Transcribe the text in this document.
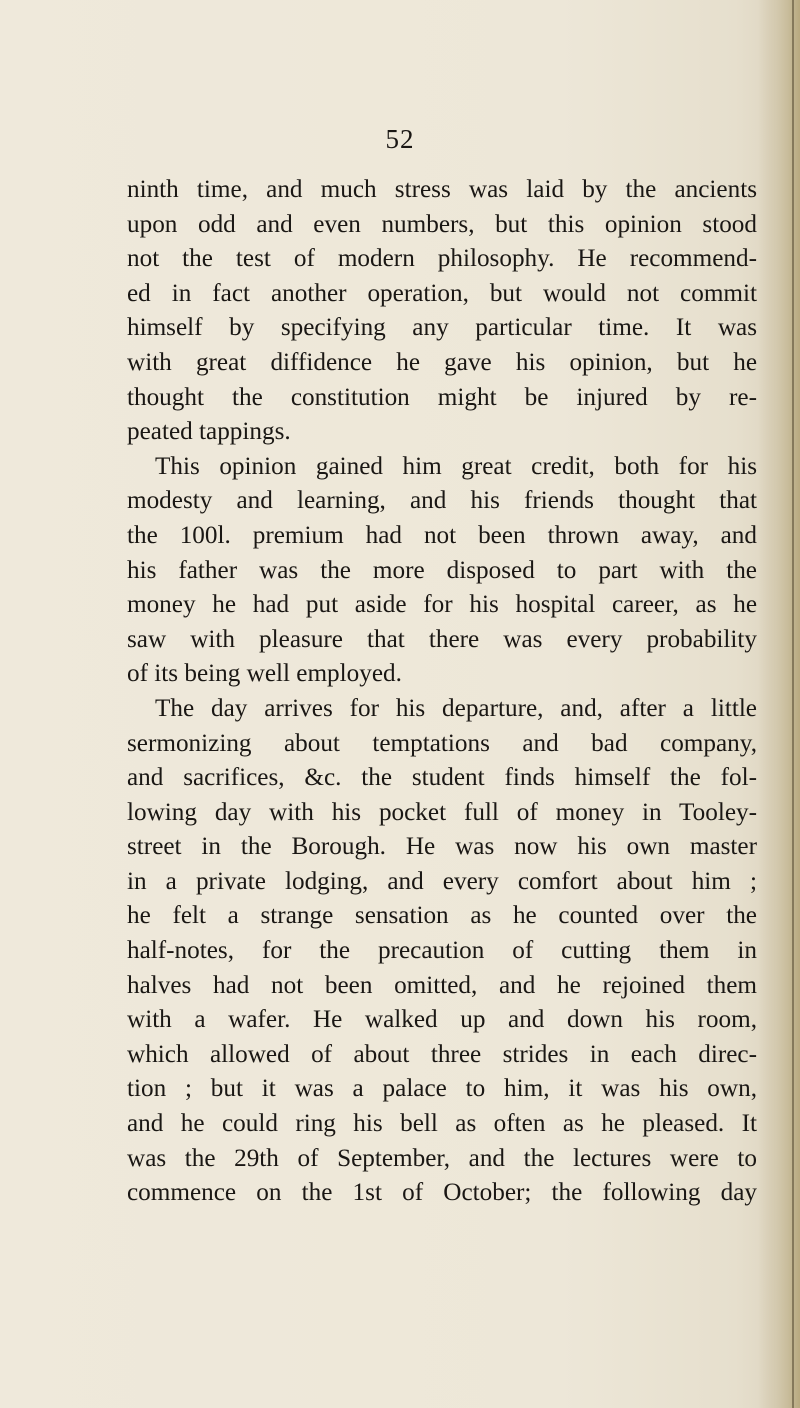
52
ninth time, and much stress was laid by the ancients
upon odd and even numbers, but this opinion stood
not the test of modern philosophy. He recommend-
ed in fact another operation, but would not commit
himself by specifying any particular time. It was
with great diffidence he gave his opinion, but he
thought the constitution might be injured by re-
peated tappings.
This opinion gained him great credit, both for his
modesty and learning, and his friends thought that
the 100l. premium had not been thrown away, and
his father was the more disposed to part with the
money he had put aside for his hospital career, as he
saw with pleasure that there was every probability
of its being well employed.
The day arrives for his departure, and, after a little
sermonizing about temptations and bad company,
and sacrifices, &c. the student finds himself the fol-
lowing day with his pocket full of money in Tooley-
street in the Borough. He was now his own master
in a private lodging, and every comfort about him ;
he felt a strange sensation as he counted over the
half-notes, for the precaution of cutting them in
halves had not been omitted, and he rejoined them
with a wafer. He walked up and down his room,
which allowed of about three strides in each direc-
tion ; but it was a palace to him, it was his own,
and he could ring his bell as often as he pleased. It
was the 29th of September, and the lectures were to
commence on the 1st of October; the following day
